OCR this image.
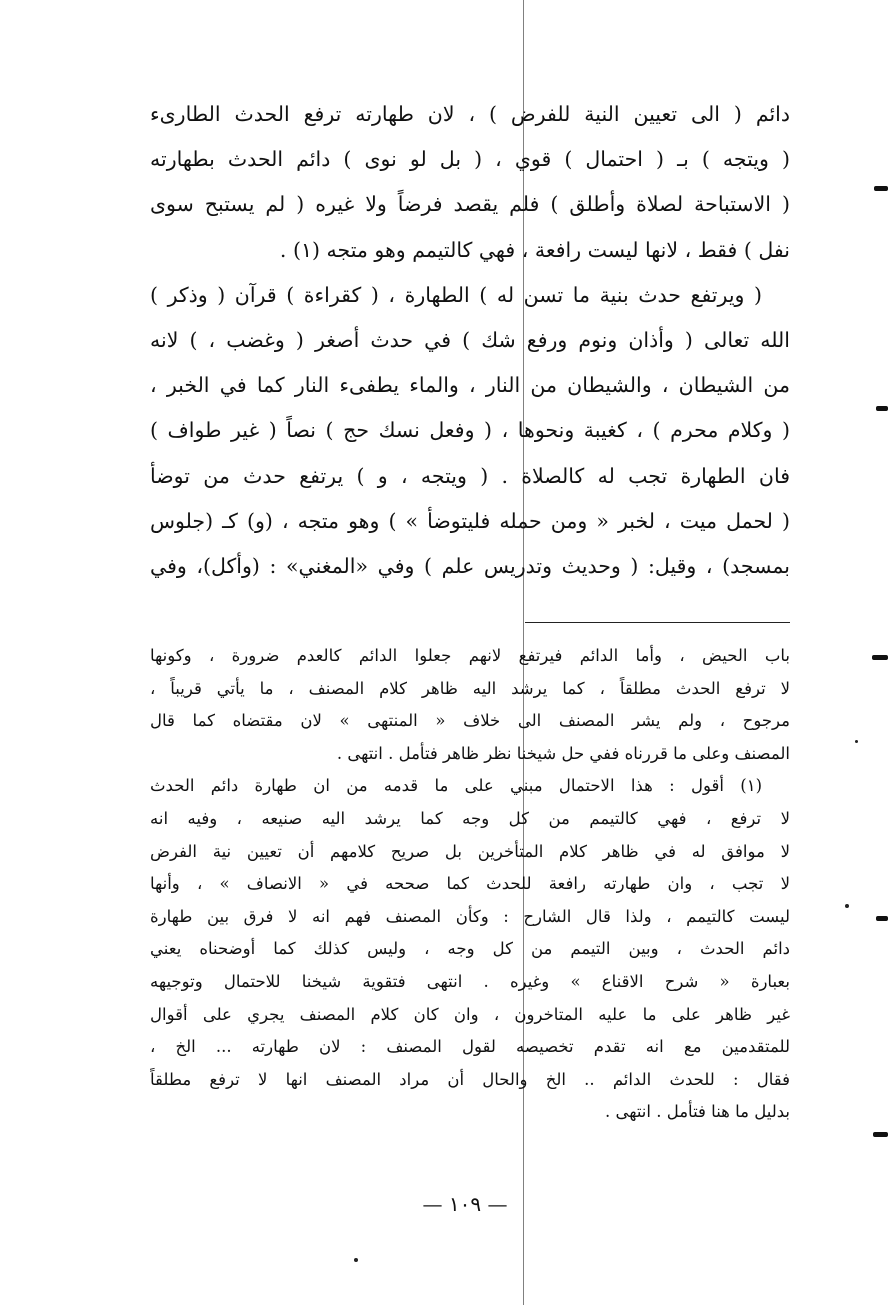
دائم ( الى تعيين النية للفرض ) ، لان طهارته ترفع الحدث الطارىء
( ويتجه ) بـ ( احتمال ) قوي ، ( بل لو نوى ) دائم الحدث بطهارته
( الاستباحة لصلاة وأطلق ) فلم يقصد فرضاً ولا غيره ( لم يستبح سوى
نفل ) فقط ، لانها ليست رافعة ، فهي كالتيمم وهو متجه (١) .
( ويرتفع حدث بنية ما تسن له ) الطهارة ، ( كقراءة ) قرآن ( وذكر )
الله تعالى ( وأذان ونوم ورفع شك ) في حدث أصغر ( وغضب ، ) لانه
من الشيطان ، والشيطان من النار ، والماء يطفىء النار كما في الخبر ،
( وكلام محرم ) ، كغيبة ونحوها ، ( وفعل نسك حج ) نصاً ( غير طواف )
فان الطهارة تجب له كالصلاة . ( ويتجه ، و ) يرتفع حدث من توضأ
( لحمل ميت ، لخبر « ومن حمله فليتوضأ » ) وهو متجه ، (و) كـ (جلوس
بمسجد) ، وقيل: ( وحديث وتدريس علم ) وفي «المغني» : (وأكل)، وفي
باب الحيض ، وأما الدائم فيرتفع لانهم جعلوا الدائم كالعدم ضرورة ، وكونها
لا ترفع الحدث مطلقاً ، كما يرشد اليه ظاهر كلام المصنف ، ما يأتي قريباً ،
مرجوح ، ولم يشر المصنف الى خلاف « المنتهى » لان مقتضاه كما قال
المصنف وعلى ما قررناه ففي حل شيخنا نظر ظاهر فتأمل . انتهى .
(١) أقول : هذا الاحتمال مبني على ما قدمه من ان طهارة دائم الحدث
لا ترفع ، فهي كالتيمم من كل وجه كما يرشد اليه صنيعه ، وفيه انه
لا موافق له في ظاهر كلام المتأخرين بل صريح كلامهم أن تعيين نية الفرض
لا تجب ، وان طهارته رافعة للحدث كما صححه في « الانصاف » ، وأنها
ليست كالتيمم ، ولذا قال الشارح : وكأن المصنف فهم انه لا فرق بين طهارة
دائم الحدث ، وبين التيمم من كل وجه ، وليس كذلك كما أوضحناه يعني
بعبارة « شرح الاقناع » وغيره . انتهى فتقوية شيخنا للاحتمال وتوجيهه
غير ظاهر على ما عليه المتاخرون ، وان كان كلام المصنف يجري على أقوال
للمتقدمين مع انه تقدم تخصيصه لقول المصنف : لان طهارته ... الخ ،
فقال : للحدث الدائم .. الخ والحال أن مراد المصنف انها لا ترفع مطلقاً
بدليل ما هنا فتأمل . انتهى .
— ١٠٩ —
